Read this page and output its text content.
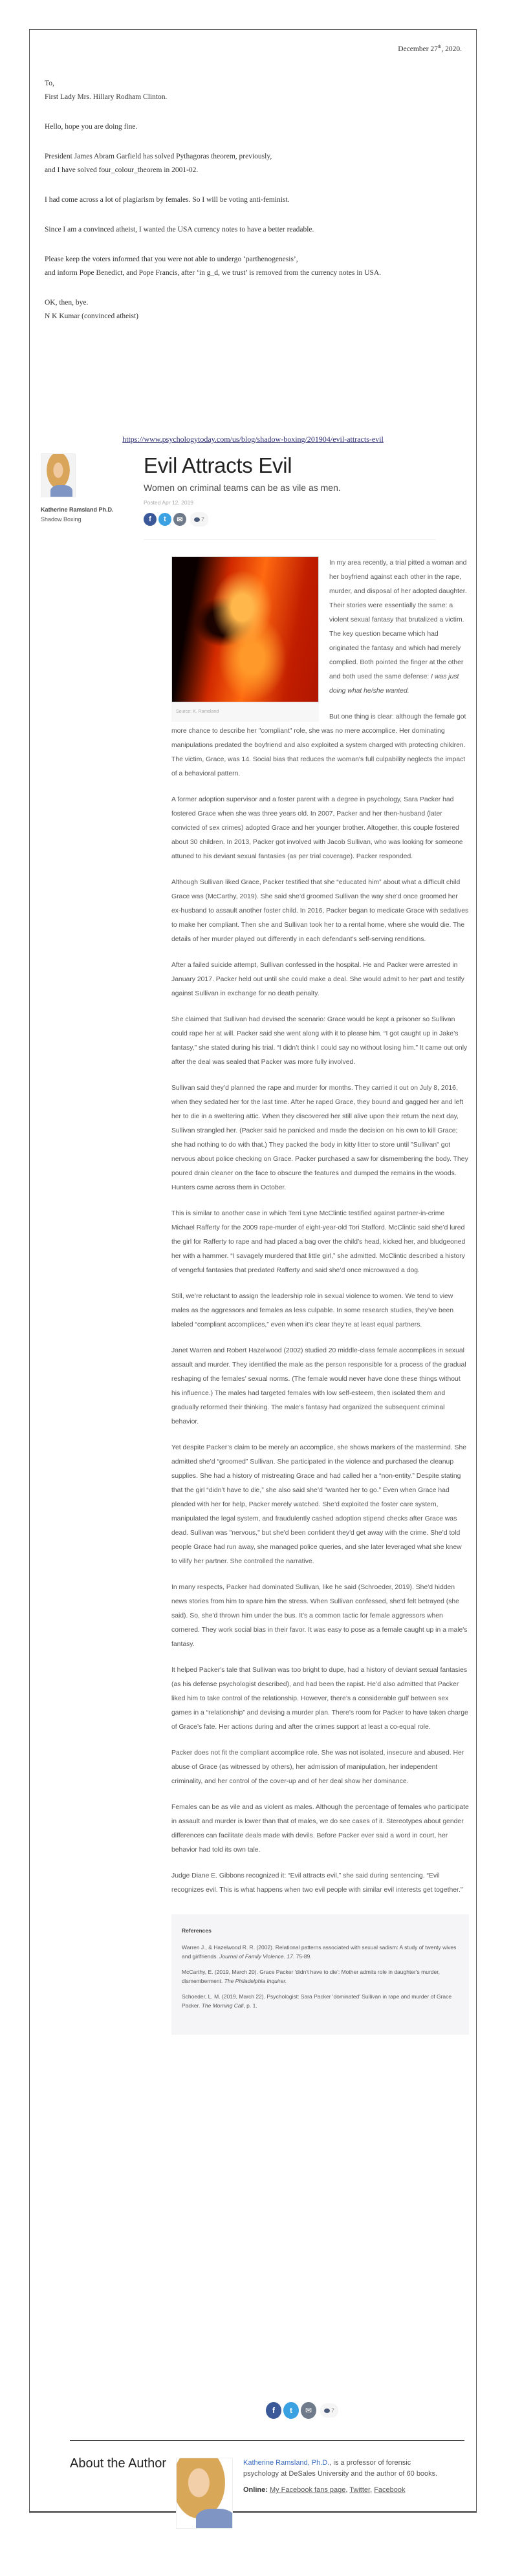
December 27th, 2020.

To,

First Lady Mrs. Hillary Rodham Clinton.

Hello, hope you are doing fine.

President James Abram Garfield has solved Pythagoras theorem, previously,

and I have solved four_colour_theorem in 2001-02.

I had come across a lot of plagiarism by females. So I will be voting anti-feminist.

Since I am a convinced atheist, I wanted the USA currency notes to have a better readable.

Please keep the voters informed that you were not able to undergo ‘parthenogenesis’,

and inform Pope Benedict, and Pope Francis, after ‘in g_d, we trust’ is removed from the currency notes in USA.

OK, then, bye.

N K Kumar (convinced atheist)

https://www.psychologytoday.com/us/blog/shadow-boxing/201904/evil-attracts-evil
Katherine Ramsland Ph.D.
Shadow Boxing
Evil Attracts Evil
Women on criminal teams can be as vile as men.
Posted Apr 12, 2019
f	t	✉	7
Source: K. Ramsland

In my area recently, a trial pitted a woman and her boyfriend against each other in the rape, murder, and disposal of her adopted daughter. Their stories were essentially the same: a violent sexual fantasy that brutalized a victim. The key question became which had originated the fantasy and which had merely complied. Both pointed the finger at the other and both used the same defense: I was just doing what he/she wanted.

But one thing is clear: although the female got more chance to describe her "compliant" role, she was no mere accomplice. Her dominating manipulations predated the boyfriend and also exploited a system charged with protecting children. The victim, Grace, was 14. Social bias that reduces the woman's full culpability neglects the impact of a behavioral pattern.

A former adoption supervisor and a foster parent with a degree in psychology, Sara Packer had fostered Grace when she was three years old. In 2007, Packer and her then-husband (later convicted of sex crimes) adopted Grace and her younger brother. Altogether, this couple fostered about 30 children. In 2013, Packer got involved with Jacob Sullivan, who was looking for someone attuned to his deviant sexual fantasies (as per trial coverage). Packer responded.

Although Sullivan liked Grace, Packer testified that she “educated him” about what a difficult child Grace was (McCarthy, 2019). She said she’d groomed Sullivan the way she’d once groomed her ex-husband to assault another foster child. In 2016, Packer began to medicate Grace with sedatives to make her compliant. Then she and Sullivan took her to a rental home, where she would die. The details of her murder played out differently in each defendant's self-serving renditions.

After a failed suicide attempt, Sullivan confessed in the hospital. He and Packer were arrested in January 2017. Packer held out until she could make a deal. She would admit to her part and testify against Sullivan in exchange for no death penalty.

She claimed that Sullivan had devised the scenario: Grace would be kept a prisoner so Sullivan could rape her at will. Packer said she went along with it to please him. “I got caught up in Jake’s fantasy,” she stated during his trial. “I didn’t think I could say no without losing him.” It came out only after the deal was sealed that Packer was more fully involved.

Sullivan said they’d planned the rape and murder for months. They carried it out on July 8, 2016, when they sedated her for the last time. After he raped Grace, they bound and gagged her and left her to die in a sweltering attic. When they discovered her still alive upon their return the next day, Sullivan strangled her. (Packer said he panicked and made the decision on his own to kill Grace; she had nothing to do with that.) They packed the body in kitty litter to store until "Sullivan" got nervous about police checking on Grace. Packer purchased a saw for dismembering the body. They poured drain cleaner on the face to obscure the features and dumped the remains in the woods. Hunters came across them in October.

This is similar to another case in which Terri Lyne McClintic testified against partner-in-crime Michael Rafferty for the 2009 rape-murder of eight-year-old Tori Stafford. McClintic said she’d lured the girl for Rafferty to rape and had placed a bag over the child’s head, kicked her, and bludgeoned her with a hammer. “I savagely murdered that little girl,” she admitted. McClintic described a history of vengeful fantasies that predated Rafferty and said she’d once microwaved a dog.

Still, we’re reluctant to assign the leadership role in sexual violence to women. We tend to view males as the aggressors and females as less culpable. In some research studies, they’ve been labeled “compliant accomplices,” even when it's clear they’re at least equal partners.

Janet Warren and Robert Hazelwood (2002) studied 20 middle-class female accomplices in sexual assault and murder. They identified the male as the person responsible for a process of the gradual reshaping of the females' sexual norms. (The female would never have done these things without his influence.) The males had targeted females with low self-esteem, then isolated them and gradually reformed their thinking. The male’s fantasy had organized the subsequent criminal behavior.

Yet despite Packer’s claim to be merely an accomplice, she shows markers of the mastermind. She admitted she’d “groomed” Sullivan. She participated in the violence and purchased the cleanup supplies. She had a history of mistreating Grace and had called her a “non-entity.” Despite stating that the girl “didn’t have to die,” she also said she’d “wanted her to go.” Even when Grace had pleaded with her for help, Packer merely watched. She’d exploited the foster care system, manipulated the legal system, and fraudulently cashed adoption stipend checks after Grace was dead. Sullivan was "nervous," but she'd been confident they'd get away with the crime. She’d told people Grace had run away, she managed police queries, and she later leveraged what she knew to vilify her partner. She controlled the narrative.

In many respects, Packer had dominated Sullivan, like he said (Schroeder, 2019). She'd hidden news stories from him to spare him the stress. When Sullivan confessed, she'd felt betrayed (she said). So, she'd thrown him under the bus. It's a common tactic for female aggressors when cornered. They work social bias in their favor. It was easy to pose as a female caught up in a male's fantasy.

It helped Packer's tale that Sullivan was too bright to dupe, had a history of deviant sexual fantasies (as his defense psychologist described), and had been the rapist. He’d also admitted that Packer liked him to take control of the relationship. However, there’s a considerable gulf between sex games in a “relationship” and devising a murder plan. There’s room for Packer to have taken charge of Grace’s fate. Her actions during and after the crimes support at least a co-equal role.

Packer does not fit the compliant accomplice role. She was not isolated, insecure and abused. Her abuse of Grace (as witnessed by others), her admission of manipulation, her independent criminality, and her control of the cover-up and of her deal show her dominance.

Females can be as vile and as violent as males. Although the percentage of females who participate in assault and murder is lower than that of males, we do see cases of it. Stereotypes about gender differences can facilitate deals made with devils. Before Packer ever said a word in court, her behavior had told its own tale.

Judge Diane E. Gibbons recognized it: “Evil attracts evil,” she said during sentencing. “Evil recognizes evil. This is what happens when two evil people with similar evil interests get together.”

References

Warren J., & Hazelwood R. R. (2002). Relational patterns associated with sexual sadism: A study of twenty wives and girlfriends. Journal of Family Violence. 17. 75-89.

McCarthy, E. (2019, March 20). Grace Packer 'didn't have to die': Mother admits role in daughter's murder, dismemberment. The Philadelphia Inquirer.

Schoeder, L. M. (2019, March 22). Psychologist: Sara Packer 'dominated' Sullivan in rape and murder of Grace Packer. The Morning Call, p. 1.

f	t	✉	7
About the Author	Katherine Ramsland, Ph.D., is a professor of forensic psychology at DeSales University and the author of 60 books.
Online: My Facebook fans page, Twitter, Facebook
